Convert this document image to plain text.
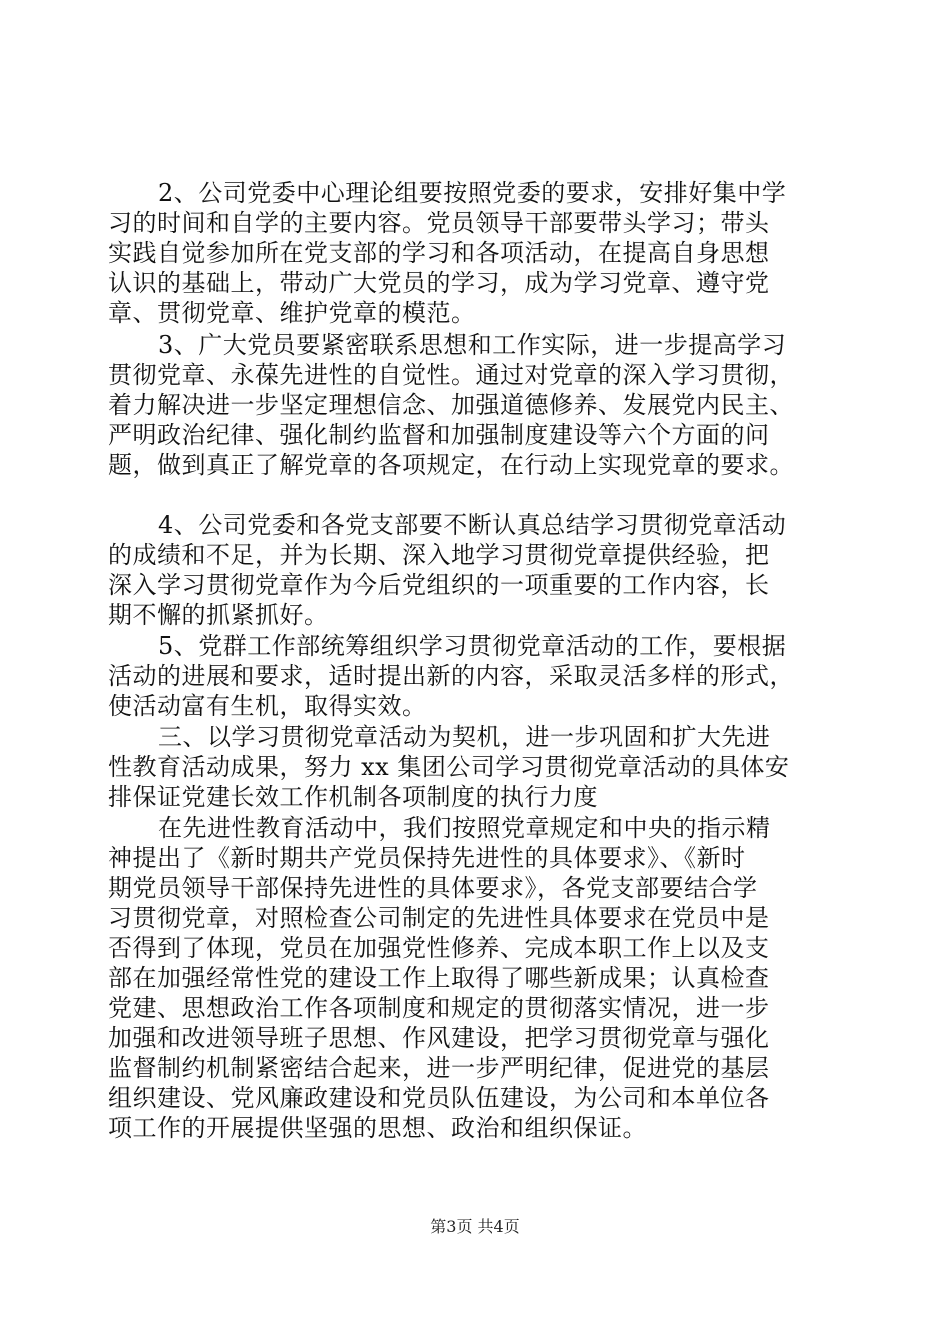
2、公司党委中心理论组要按照党委的要求，安排好集中学
习的时间和自学的主要内容。党员领导干部要带头学习；带头
实践自觉参加所在党支部的学习和各项活动，在提高自身思想
认识的基础上，带动广大党员的学习，成为学习党章、遵守党
章、贯彻党章、维护党章的模范。
3、广大党员要紧密联系思想和工作实际，进一步提高学习
贯彻党章、永葆先进性的自觉性。通过对党章的深入学习贯彻，
着力解决进一步坚定理想信念、加强道德修养、发展党内民主、
严明政治纪律、强化制约监督和加强制度建设等六个方面的问
题，做到真正了解党章的各项规定，在行动上实现党章的要求。
4、公司党委和各党支部要不断认真总结学习贯彻党章活动
的成绩和不足，并为长期、深入地学习贯彻党章提供经验，把
深入学习贯彻党章作为今后党组织的一项重要的工作内容，长
期不懈的抓紧抓好。
5、党群工作部统筹组织学习贯彻党章活动的工作，要根据
活动的进展和要求，适时提出新的内容，采取灵活多样的形式，
使活动富有生机，取得实效。
三、以学习贯彻党章活动为契机，进一步巩固和扩大先进
性教育活动成果，努力 xx 集团公司学习贯彻党章活动的具体安
排保证党建长效工作机制各项制度的执行力度
在先进性教育活动中，我们按照党章规定和中央的指示精
神提出了《新时期共产党员保持先进性的具体要求》、《新时
期党员领导干部保持先进性的具体要求》，各党支部要结合学
习贯彻党章，对照检查公司制定的先进性具体要求在党员中是
否得到了体现，党员在加强党性修养、完成本职工作上以及支
部在加强经常性党的建设工作上取得了哪些新成果；认真检查
党建、思想政治工作各项制度和规定的贯彻落实情况，进一步
加强和改进领导班子思想、作风建设，把学习贯彻党章与强化
监督制约机制紧密结合起来，进一步严明纪律，促进党的基层
组织建设、党风廉政建设和党员队伍建设，为公司和本单位各
项工作的开展提供坚强的思想、政治和组织保证。
第3页 共4页
